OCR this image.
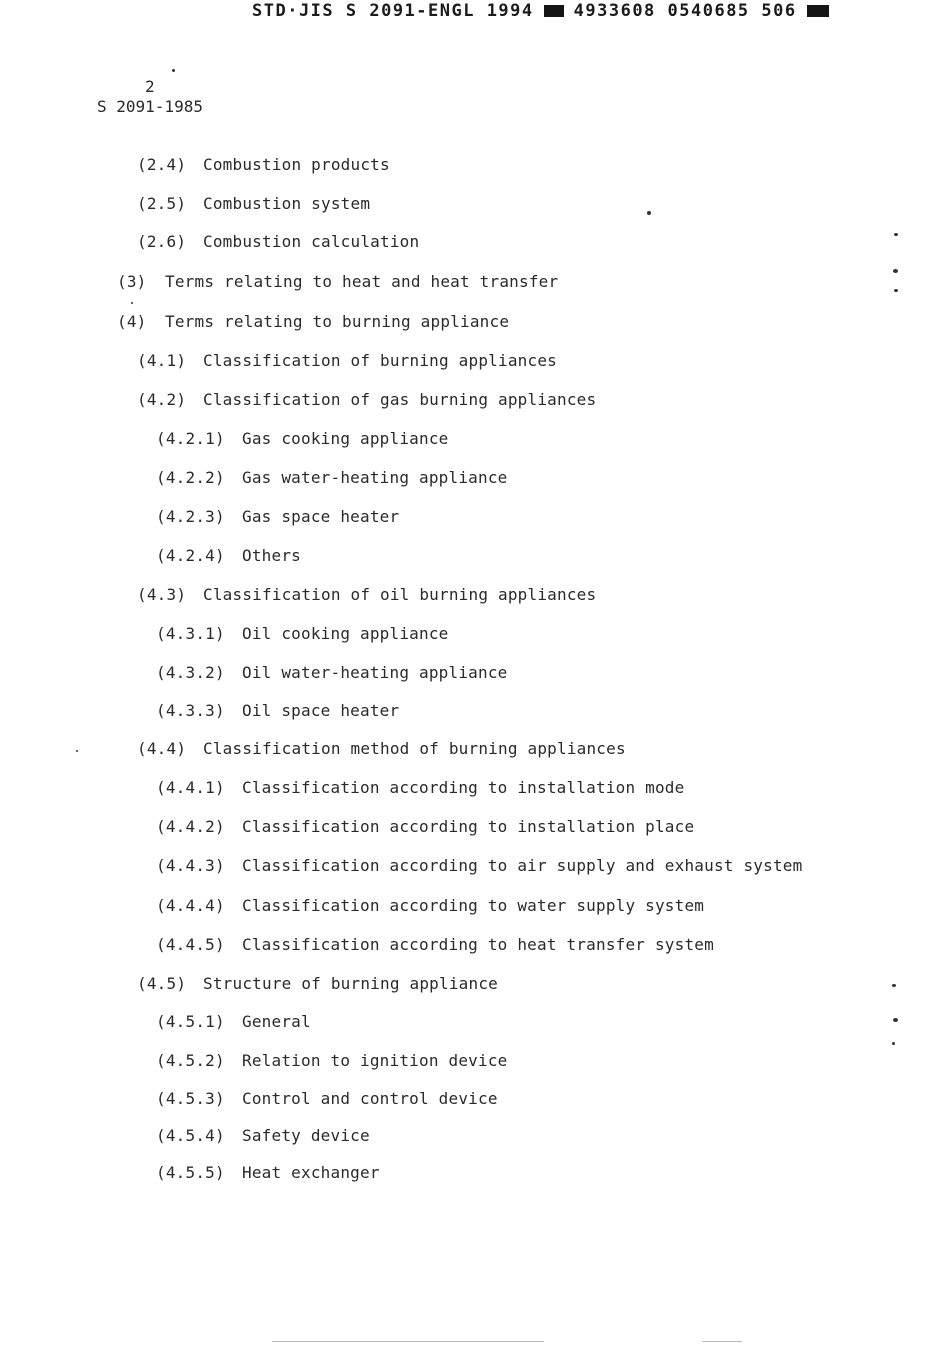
STD·JIS S 2091-ENGL 1994 4933608 0540685 506
2
S 2091-1985
(2.4)	Combustion products
(2.5)	Combustion system
(2.6)	Combustion calculation
(3)	Terms relating to heat and heat transfer
(4)	Terms relating to burning appliance
(4.1)	Classification of burning appliances
(4.2)	Classification of gas burning appliances
(4.2.1)	Gas cooking appliance
(4.2.2)	Gas water-heating appliance
(4.2.3)	Gas space heater
(4.2.4)	Others
(4.3)	Classification of oil burning appliances
(4.3.1)	Oil cooking appliance
(4.3.2)	Oil water-heating appliance
(4.3.3)	Oil space heater
(4.4)	Classification method of burning appliances
(4.4.1)	Classification according to installation mode
(4.4.2)	Classification according to installation place
(4.4.3)	Classification according to air supply and exhaust system
(4.4.4)	Classification according to water supply system
(4.4.5)	Classification according to heat transfer system
(4.5)	Structure of burning appliance
(4.5.1)	General
(4.5.2)	Relation to ignition device
(4.5.3)	Control and control device
(4.5.4)	Safety device
(4.5.5)	Heat exchanger
